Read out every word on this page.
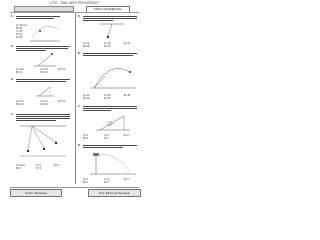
"I.P.E. 'SAN INÉS PROGRESO'"
FÍSICA ELEMENTAL
1.
A) 10 m/s
B) 30
C) 20
D) 40
E) 50
2.
A) 3√3
B) √3
C) 4√3
D) 5√3
E) 6√3
3.
A) 3√3
B) 2√3
C) 4√3
D) 5√3
E) 6√3
4.
A) 4m/s
B) 6
C) 5
D) 3
E) 8
5.
A) 12
B) 15
C) 18
D) 20
E) 24
6.
A) 10
B) 15
C) 20
D) 25
E) 30
7.
A) 4
B) 5
C) 6
D) 7
E) 8
8.
A) 3
B) 5
C) 4
D) 7
E) 6
Física / Mecánica	Prof. Efraín de Pomarejo
